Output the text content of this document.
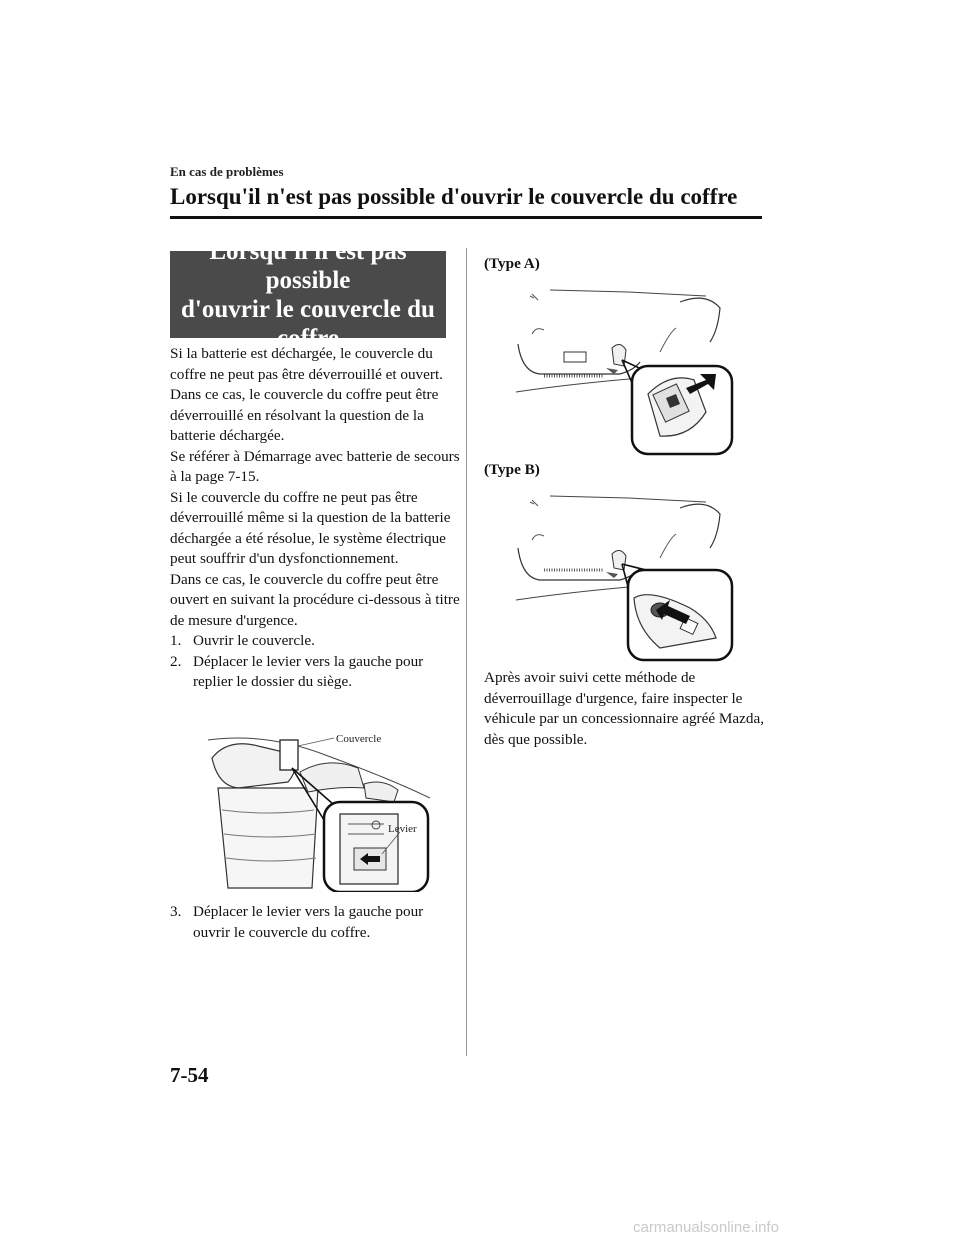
En cas de problèmes
Lorsqu'il n'est pas possible d'ouvrir le couvercle du coffre
Lorsqu'il n'est pas possible
d'ouvrir le couvercle du
coffre

Si la batterie est déchargée, le couvercle du coffre ne peut pas être déverrouillé et ouvert.

Dans ce cas, le couvercle du coffre peut être déverrouillé en résolvant la question de la batterie déchargée.

Se référer à Démarrage avec batterie de secours à la page 7-15.

Si le couvercle du coffre ne peut pas être déverrouillé même si la question de la batterie déchargée a été résolue, le système électrique peut souffrir d'un dysfonctionnement.

Dans ce cas, le couvercle du coffre peut être ouvert en suivant la procédure ci-dessous à titre de mesure d'urgence.

1. Ouvrir le couvercle.
2. Déplacer le levier vers la gauche pour replier le dossier du siège.
Couvercle
Levier
3. Déplacer le levier vers la gauche pour ouvrir le couvercle du coffre.
(Type A)
(Type B)
Après avoir suivi cette méthode de déverrouillage d'urgence, faire inspecter le véhicule par un concessionnaire agréé Mazda, dès que possible.
7-54
carmanualsonline.info
